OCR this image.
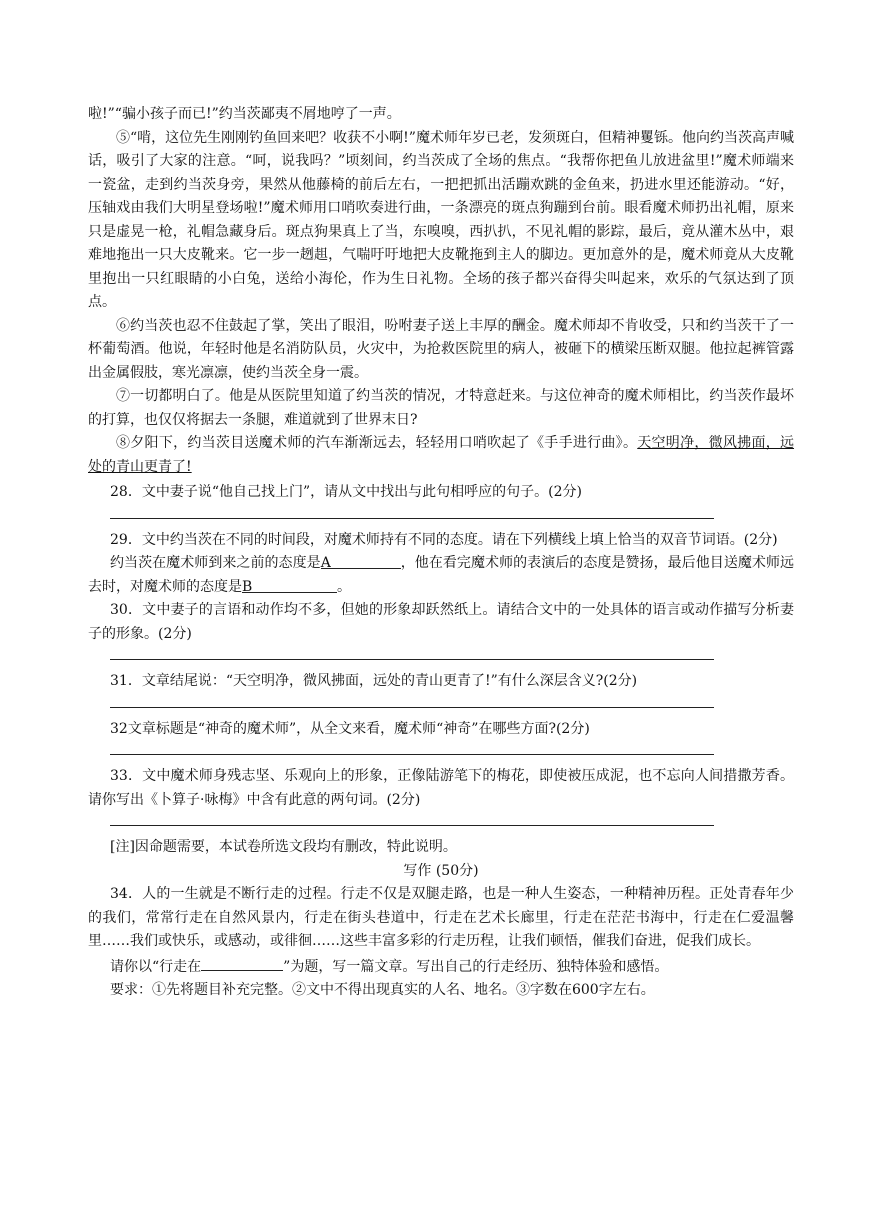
啦!”“骗小孩子而已!”约当茨鄙夷不屑地哼了一声。

⑤“啃，这位先生刚刚钓鱼回来吧？收获不小啊!”魔术师年岁已老，发须斑白，但精神矍铄。他向约当茨高声喊话，吸引了大家的注意。“呵，说我吗？”顷刻间，约当茨成了全场的焦点。“我帮你把鱼儿放进盆里!”魔术师端来一瓷盆，走到约当茨身旁，果然从他藤椅的前后左右，一把把抓出活蹦欢跳的金鱼来，扔进水里还能游动。“好，压轴戏由我们大明星登场啦!”魔术师用口哨吹奏进行曲，一条漂亮的斑点狗蹦到台前。眼看魔术师扔出礼帽，原来只是虚晃一枪，礼帽急藏身后。斑点狗果真上了当，东嗅嗅，西扒扒，不见礼帽的影踪，最后，竟从灌木丛中，艰难地拖出一只大皮靴来。它一步一趔趄，气喘吁吁地把大皮靴拖到主人的脚边。更加意外的是，魔术师竟从大皮靴里抱出一只红眼睛的小白兔，送给小海伦，作为生日礼物。全场的孩子都兴奋得尖叫起来，欢乐的气氛达到了顶点。

⑥约当茨也忍不住鼓起了掌，笑出了眼泪，吩咐妻子送上丰厚的酬金。魔术师却不肯收受，只和约当茨干了一杯葡萄酒。他说，年轻时他是名消防队员，火灾中，为抢救医院里的病人，被砸下的横梁压断双腿。他拉起裤管露出金属假肢，寒光凛凛，使约当茨全身一震。

⑦一切都明白了。他是从医院里知道了约当茨的情况，才特意赶来。与这位神奇的魔术师相比，约当茨作最坏的打算，也仅仅将据去一条腿，难道就到了世界末日?

⑧夕阳下，约当茨目送魔术师的汽车渐渐远去，轻轻用口哨吹起了《手手进行曲》。天空明净，微风拂面，远处的青山更青了!

28．文中妻子说“他自己找上门”，请从文中找出与此句相呼应的句子。(2分)

29．文中约当茨在不同的时间段，对魔术师持有不同的态度。请在下列横线上填上恰当的双音节词语。(2分)

约当茨在魔术师到来之前的态度是A	，他在看完魔术师的表演后的态度是赞扬，最后他目送魔术师远去时，对魔术师的态度是B	。

30．文中妻子的言语和动作均不多，但她的形象却跃然纸上。请结合文中的一处具体的语言或动作描写分析妻子的形象。(2分)

31．文章结尾说：“天空明净，微风拂面，远处的青山更青了!”有什么深层含义?(2分)

32文章标题是“神奇的魔术师”，从全文来看，魔术师“神奇”在哪些方面?(2分)

33．文中魔术师身残志坚、乐观向上的形象，正像陆游笔下的梅花，即使被压成泥，也不忘向人间措撒芳香。请你写出《卜算子·咏梅》中含有此意的两句词。(2分)

[注]因命题需要，本试卷所选文段均有删改，特此说明。

写作 (50分)

34．人的一生就是不断行走的过程。行走不仅是双腿走路，也是一种人生姿态，一种精神历程。正处青春年少的我们，常常行走在自然风景内，行走在街头巷道中，行走在艺术长廊里，行走在茫茫书海中，行走在仁爱温馨里……我们或快乐，或感动，或徘徊……这些丰富多彩的行走历程，让我们顿悟，催我们奋进，促我们成长。

请你以“行走在	”为题，写一篇文章。写出自己的行走经历、独特体验和感悟。

要求：①先将题目补充完整。②文中不得出现真实的人名、地名。③字数在600字左右。
